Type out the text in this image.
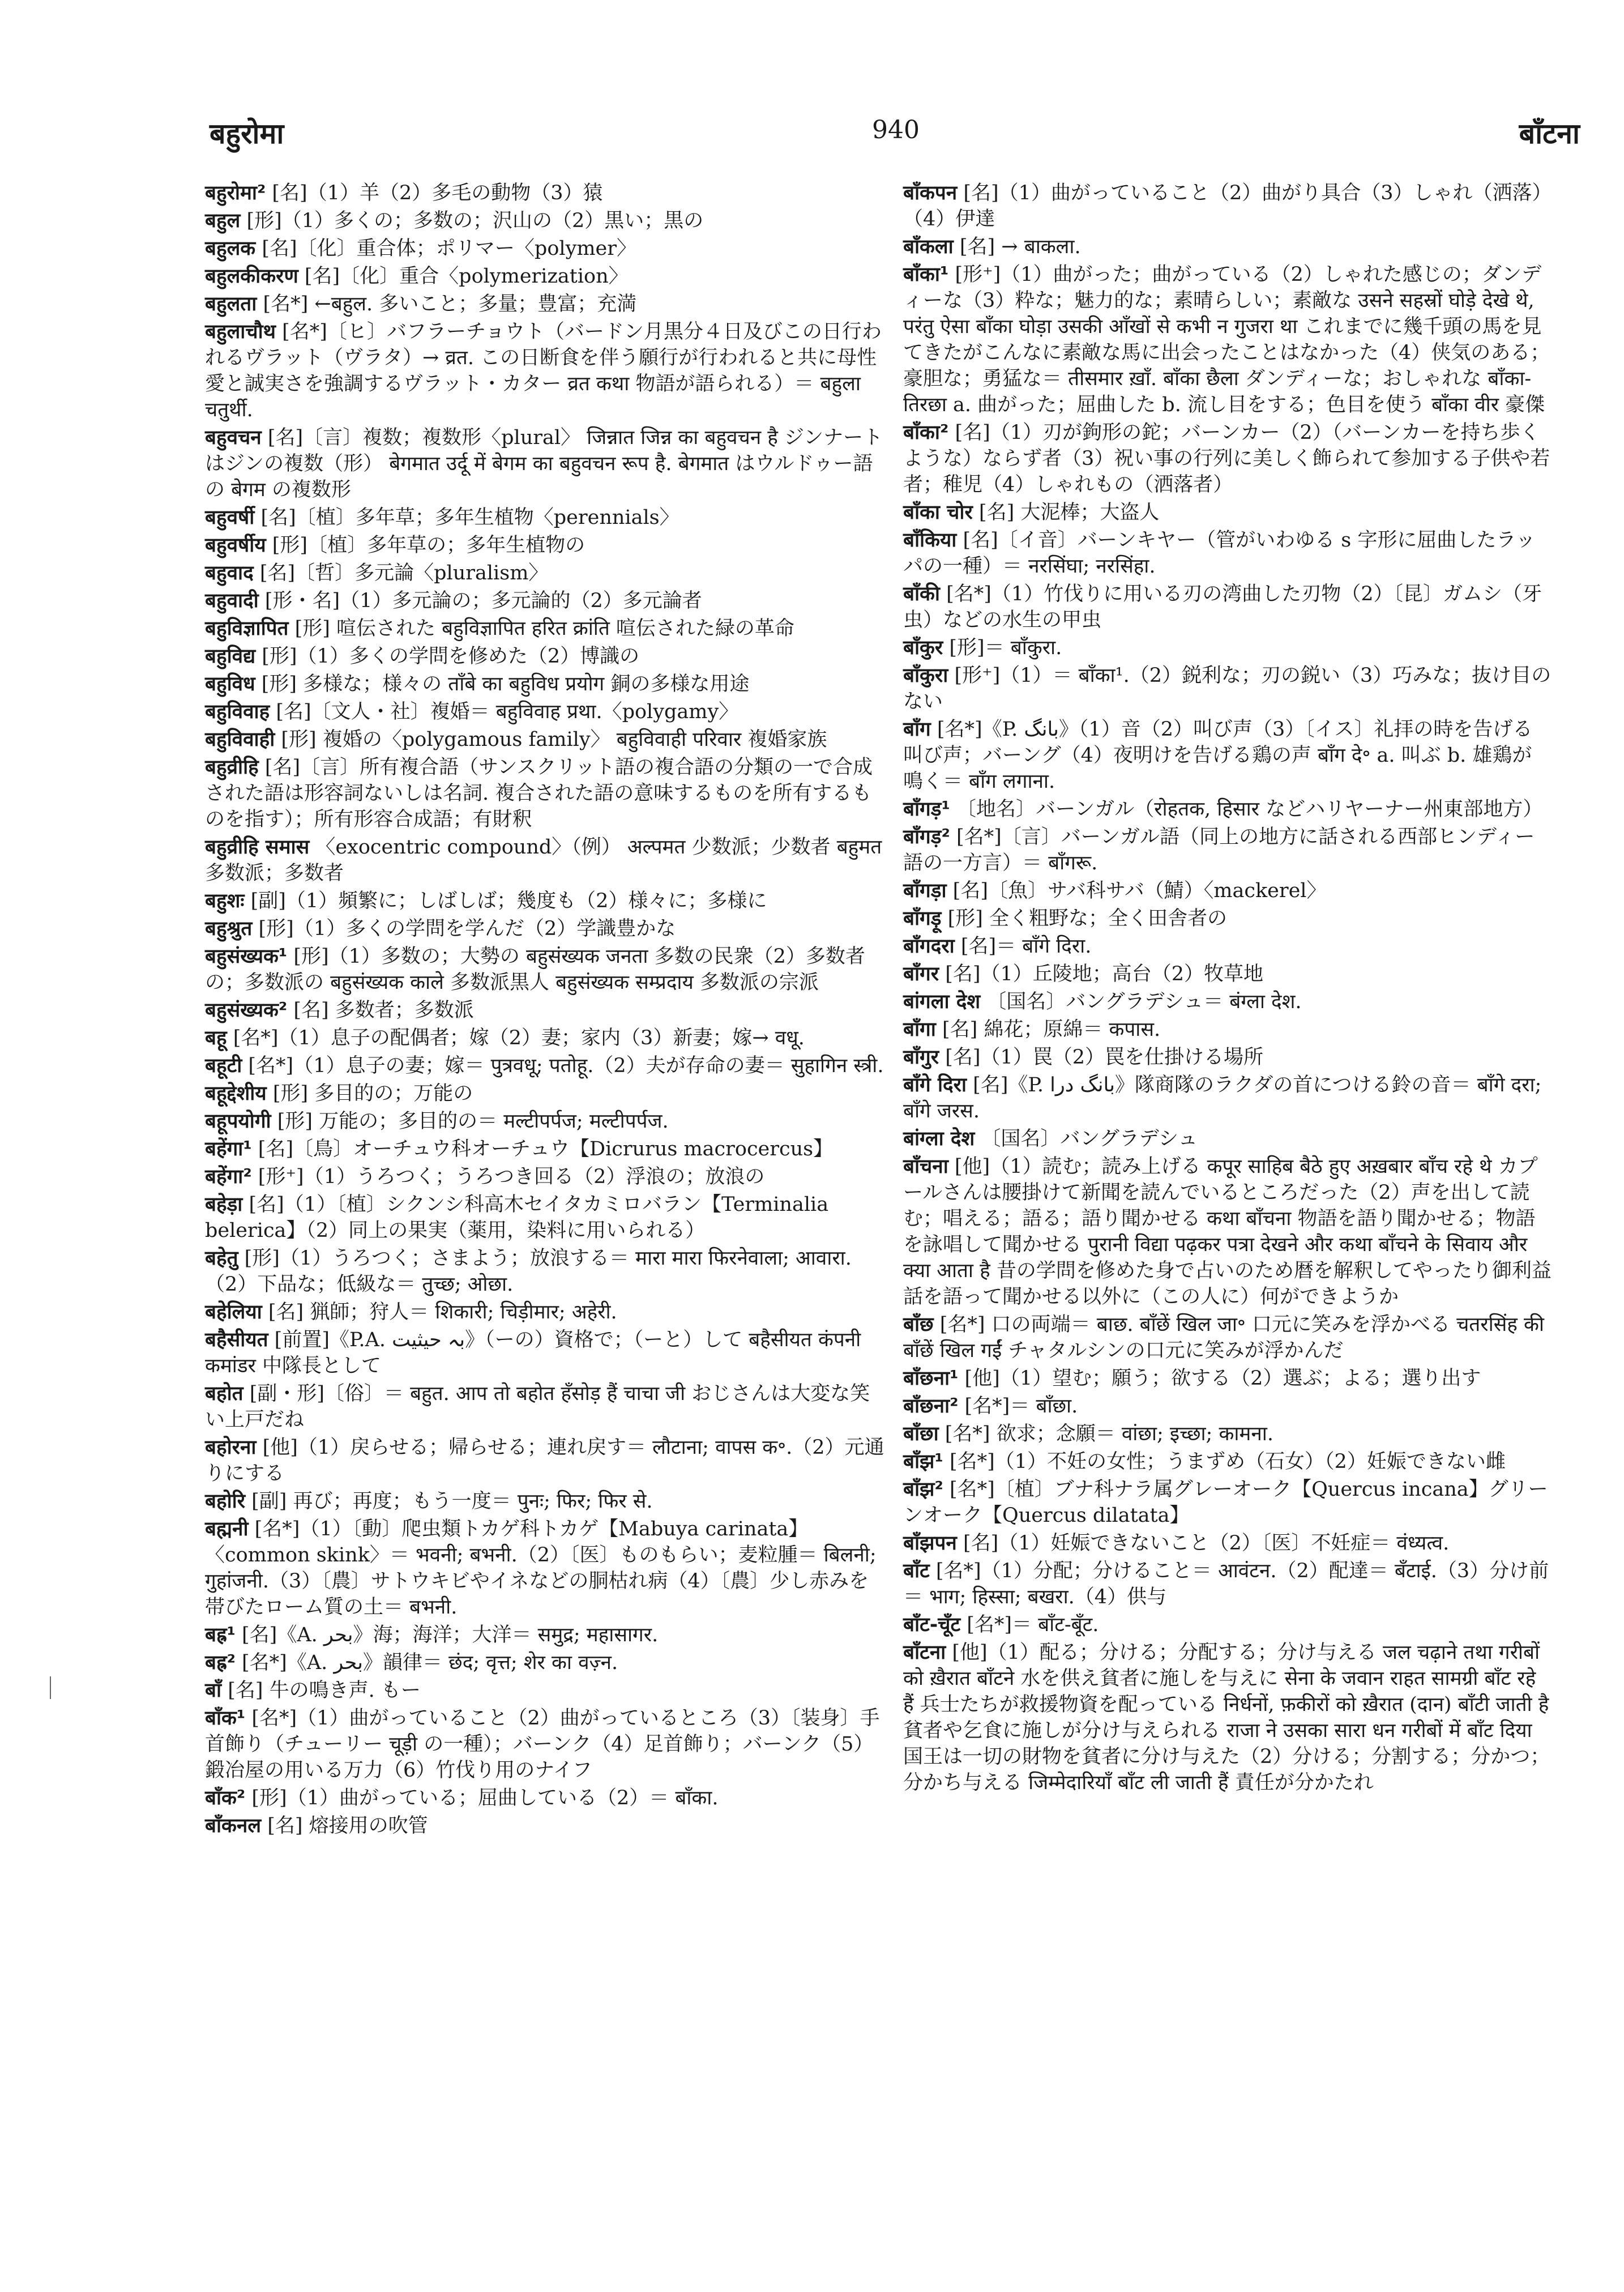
बहुरोमा	940	बाँटना
बहुरोमा² [名]（1）羊（2）多毛の動物（3）猿
बहुल [形]（1）多くの；多数の；沢山の（2）黒い；黒の
बहुलक [名]〔化〕重合体；ポリマー〈polymer〉
बहुलकीकरण [名]〔化〕重合〈polymerization〉
बहुलता [名*] ←बहुल. 多いこと；多量；豊富；充満
बहुलाचौथ [名*]〔ヒ〕バフラーチョウト（バードン月黒分４日及びこの日行われるヴラット（ヴラタ）→ व्रत. この日断食を伴う願行が行われると共に母性愛と誠実さを強調するヴラット・カター व्रत कथा 物語が語られる）＝ बहुला चतुर्थी.
बहुवचन [名]〔言〕複数；複数形〈plural〉 जिन्नात जिन्न का बहुवचन है ジンナートはジンの複数（形） बेगमात उर्दू में बेगम का बहुवचन रूप है. बेगमात はウルドゥー語の बेगम の複数形
बहुवर्षी [名]〔植〕多年草；多年生植物〈perennials〉
बहुवर्षीय [形]〔植〕多年草の；多年生植物の
बहुवाद [名]〔哲〕多元論〈pluralism〉
बहुवादी [形・名]（1）多元論の；多元論的（2）多元論者
बहुविज्ञापित [形] 喧伝された बहुविज्ञापित हरित क्रांति 喧伝された緑の革命
बहुविद्य [形]（1）多くの学問を修めた（2）博識の
बहुविध [形] 多様な；様々の ताँबे का बहुविध प्रयोग 銅の多様な用途
बहुविवाह [名]〔文人・社〕複婚＝ बहुविवाह प्रथा.〈polygamy〉
बहुविवाही [形] 複婚の〈polygamous family〉 बहुविवाही परिवार 複婚家族
बहुव्रीहि [名]〔言〕所有複合語（サンスクリット語の複合語の分類の一で合成された語は形容詞ないしは名詞. 複合された語の意味するものを所有するものを指す）；所有形容合成語；有財釈
बहुव्रीहि समास 〈exocentric compound〉（例） अल्पमत 少数派；少数者 बहुमत 多数派；多数者
बहुशः [副]（1）頻繁に；しばしば；幾度も（2）様々に；多様に
बहुश्रुत [形]（1）多くの学問を学んだ（2）学識豊かな
बहुसंख्यक¹ [形]（1）多数の；大勢の बहुसंख्यक जनता 多数の民衆（2）多数者の；多数派の बहुसंख्यक काले 多数派黒人 बहुसंख्यक सम्प्रदाय 多数派の宗派
बहुसंख्यक² [名] 多数者；多数派
बहू [名*]（1）息子の配偶者；嫁（2）妻；家内（3）新妻；嫁→ वधू.
बहूटी [名*]（1）息子の妻；嫁＝ पुत्रवधू; पतोहू.（2）夫が存命の妻＝ सुहागिन स्त्री.
बहूद्देशीय [形] 多目的の；万能の
बहूपयोगी [形] 万能の；多目的の＝ मल्टीपर्पज; मल्टीपर्पज.
बहेंगा¹ [名]〔鳥〕オーチュウ科オーチュウ【Dicrurus macrocercus】
बहेंगा² [形⁺]（1）うろつく；うろつき回る（2）浮浪の；放浪の
बहेड़ा [名]（1）〔植〕シクンシ科高木セイタカミロバラン【Terminalia belerica】（2）同上の果実（薬用，染料に用いられる）
बहेतु [形]（1）うろつく；さまよう；放浪する＝ मारा मारा फिरनेवाला; आवारा.（2）下品な；低級な＝ तुच्छ; ओछा.
बहेलिया [名] 猟師；狩人＝ शिकारी; चिड़ीमार; अहेरी.
बहैसीयत [前置]《P.A. بہ حیثیت》（ーの）資格で；（ーと）して बहैसीयत कंपनी कमांडर 中隊長として
बहोत [副・形]〔俗〕＝ बहुत. आप तो बहोत हँसोड़ हैं चाचा जी おじさんは大変な笑い上戸だね
बहोरना [他]（1）戻らせる；帰らせる；連れ戻す＝ लौटाना; वापस क॰.（2）元通りにする
बहोरि [副] 再び；再度；もう一度＝ पुनः; फिर; फिर से.
बह्मनी [名*]（1）〔動〕爬虫類トカゲ科トカゲ【Mabuya carinata】〈common skink〉＝ भवनी; बभनी.（2）〔医〕ものもらい；麦粒腫＝ बिलनी; गुहांजनी.（3）〔農〕サトウキビやイネなどの胴枯れ病（4）〔農〕少し赤みを帯びたローム質の土＝ बभनी.
बह्र¹ [名]《A. بحر》海；海洋；大洋＝ समुद्र; महासागर.
बह्र² [名*]《A. بحر》韻律＝ छंद; वृत्त; शेर का वज़्न.
बाँ [名] 牛の鳴き声. もー
बाँक¹ [名*]（1）曲がっていること（2）曲がっているところ（3）〔装身〕手首飾り（チューリー चूड़ी の一種）；バーンク（4）足首飾り；バーンク（5）鍛冶屋の用いる万力（6）竹伐り用のナイフ
बाँक² [形]（1）曲がっている；屈曲している（2）＝ बाँका.
बाँकनल [名] 熔接用の吹管
बाँकपन [名]（1）曲がっていること（2）曲がり具合（3）しゃれ（洒落）（4）伊達
बाँकला [名] → बाकला.
बाँका¹ [形⁺]（1）曲がった；曲がっている（2）しゃれた感じの；ダンディーな（3）粋な；魅力的な；素晴らしい；素敵な उसने सहस्रों घोड़े देखे थे, परंतु ऐसा बाँका घोड़ा उसकी आँखों से कभी न गुजरा था これまでに幾千頭の馬を見てきたがこんなに素敵な馬に出会ったことはなかった（4）侠気のある；豪胆な；勇猛な＝ तीसमार ख़ाँ. बाँका छैला ダンディーな；おしゃれな बाँका-तिरछा a. 曲がった；屈曲した b. 流し目をする；色目を使う बाँका वीर 豪傑
बाँका² [名]（1）刃が鉤形の鉈；バーンカー（2）（バーンカーを持ち歩くような）ならず者（3）祝い事の行列に美しく飾られて参加する子供や若者；稚児（4）しゃれもの（洒落者）
बाँका चोर [名] 大泥棒；大盗人
बाँकिया [名]〔イ音〕バーンキヤー（管がいわゆる s 字形に屈曲したラッパの一種）＝ नरसिंघा; नरसिंहा.
बाँकी [名*]（1）竹伐りに用いる刃の湾曲した刃物（2）〔昆〕ガムシ（牙虫）などの水生の甲虫
बाँकुर [形]＝ बाँकुरा.
बाँकुरा [形⁺]（1）＝ बाँका¹.（2）鋭利な；刃の鋭い（3）巧みな；抜け目のない
बाँग [名*]《P. بانگ》（1）音（2）叫び声（3）〔イス〕礼拝の時を告げる叫び声；バーング（4）夜明けを告げる鶏の声 बाँग दे॰ a. 叫ぶ b. 雄鶏が鳴く＝ बाँग लगाना.
बाँगड़¹ 〔地名〕バーンガル（रोहतक, हिसार などハリヤーナー州東部地方）
बाँगड़² [名*]〔言〕バーンガル語（同上の地方に話される西部ヒンディー語の一方言）＝ बाँगरू.
बाँगड़ा [名]〔魚〕サバ科サバ（鯖）〈mackerel〉
बाँगड़ू [形] 全く粗野な；全く田舎者の
बाँगदरा [名]＝ बाँगे दिरा.
बाँगर [名]（1）丘陵地；高台（2）牧草地
बांगला देश 〔国名〕バングラデシュ＝ बंग्ला देश.
बाँगा [名] 綿花；原綿＝ कपास.
बाँगुर [名]（1）罠（2）罠を仕掛ける場所
बाँगे दिरा [名]《P. بانگ درا》隊商隊のラクダの首につける鈴の音＝ बाँगे दरा; बाँगे जरस.
बांग्ला देश 〔国名〕バングラデシュ
बाँचना [他]（1）読む；読み上げる कपूर साहिब बैठे हुए अख़बार बाँच रहे थे カプールさんは腰掛けて新聞を読んでいるところだった（2）声を出して読む；唱える；語る；語り聞かせる कथा बाँचना 物語を語り聞かせる；物語を詠唱して聞かせる पुरानी विद्या पढ़कर पत्रा देखने और कथा बाँचने के सिवाय और क्या आता है 昔の学問を修めた身で占いのため暦を解釈してやったり御利益話を語って聞かせる以外に（この人に）何ができようか
बाँछ [名*] 口の両端＝ बाछ. बाँछें खिल जा॰ 口元に笑みを浮かべる चतरसिंह की बाँछें खिल गईं チャタルシンの口元に笑みが浮かんだ
बाँछना¹ [他]（1）望む；願う；欲する（2）選ぶ；よる；選り出す
बाँछना² [名*]＝ बाँछा.
बाँछा [名*] 欲求；念願＝ वांछा; इच्छा; कामना.
बाँझ¹ [名*]（1）不妊の女性；うまずめ（石女）（2）妊娠できない雌
बाँझ² [名*]〔植〕ブナ科ナラ属グレーオーク【Quercus incana】グリーンオーク【Quercus dilatata】
बाँझपन [名]（1）妊娠できないこと（2）〔医〕不妊症＝ वंध्यत्व.
बाँट [名*]（1）分配；分けること＝ आवंटन.（2）配達＝ बँटाई.（3）分け前＝ भाग; हिस्सा; बखरा.（4）供与
बाँट-चूँट [名*]＝ बाँट-बूँट.
बाँटना [他]（1）配る；分ける；分配する；分け与える जल चढ़ाने तथा गरीबों को ख़ैरात बाँटने 水を供え貧者に施しを与えに सेना के जवान राहत सामग्री बाँट रहे हैं 兵士たちが救援物資を配っている निर्धनों, फ़कीरों को ख़ैरात (दान) बाँटी जाती है 貧者や乞食に施しが分け与えられる राजा ने उसका सारा धन गरीबों में बाँट दिया 国王は一切の財物を貧者に分け与えた（2）分ける；分割する；分かつ；分かち与える जिम्मेदारियाँ बाँट ली जाती हैं 責任が分かたれ
